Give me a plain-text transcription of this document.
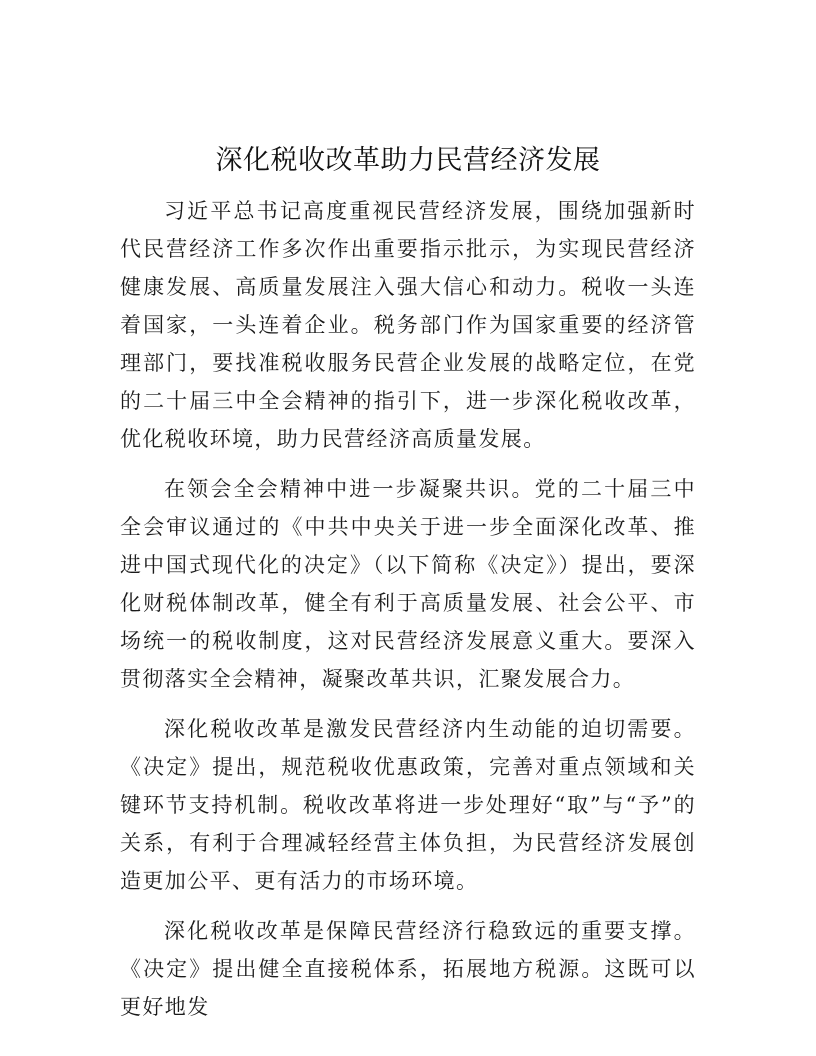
深化税收改革助力民营经济发展

习近平总书记高度重视民营经济发展，围绕加强新时代民营经济工作多次作出重要指示批示，为实现民营经济健康发展、高质量发展注入强大信心和动力。税收一头连着国家，一头连着企业。税务部门作为国家重要的经济管理部门，要找准税收服务民营企业发展的战略定位，在党的二十届三中全会精神的指引下，进一步深化税收改革，优化税收环境，助力民营经济高质量发展。

在领会全会精神中进一步凝聚共识。党的二十届三中全会审议通过的《中共中央关于进一步全面深化改革、推进中国式现代化的决定》（以下简称《决定》）提出，要深化财税体制改革，健全有利于高质量发展、社会公平、市场统一的税收制度，这对民营经济发展意义重大。要深入贯彻落实全会精神，凝聚改革共识，汇聚发展合力。

深化税收改革是激发民营经济内生动能的迫切需要。《决定》提出，规范税收优惠政策，完善对重点领域和关键环节支持机制。税收改革将进一步处理好“取”与“予”的关系，有利于合理减轻经营主体负担，为民营经济发展创造更加公平、更有活力的市场环境。

深化税收改革是保障民营经济行稳致远的重要支撑。《决定》提出健全直接税体系，拓展地方税源。这既可以更好地发
